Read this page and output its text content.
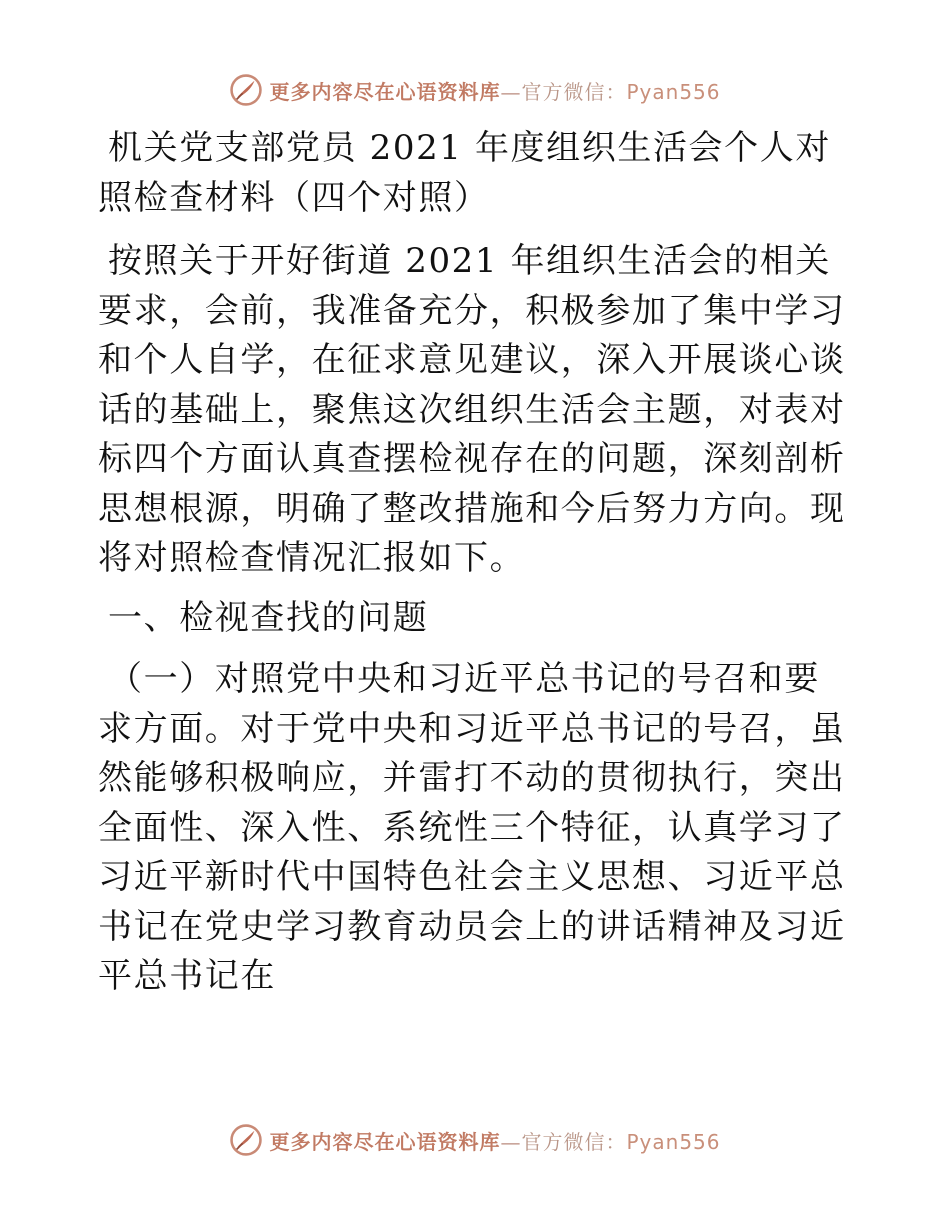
更多内容尽在心语资料库—官方微信：Pyan556

机关党支部党员 2021 年度组织生活会个人对照检查材料（四个对照）

按照关于开好街道 2021 年组织生活会的相关要求，会前，我准备充分，积极参加了集中学习和个人自学，在征求意见建议，深入开展谈心谈话的基础上，聚焦这次组织生活会主题，对表对标四个方面认真查摆检视存在的问题，深刻剖析思想根源，明确了整改措施和今后努力方向。现将对照检查情况汇报如下。

一、检视查找的问题

（一）对照党中央和习近平总书记的号召和要求方面。对于党中央和习近平总书记的号召，虽然能够积极响应，并雷打不动的贯彻执行，突出全面性、深入性、系统性三个特征，认真学习了习近平新时代中国特色社会主义思想、习近平总书记在党史学习教育动员会上的讲话精神及习近平总书记在

更多内容尽在心语资料库—官方微信：Pyan556
